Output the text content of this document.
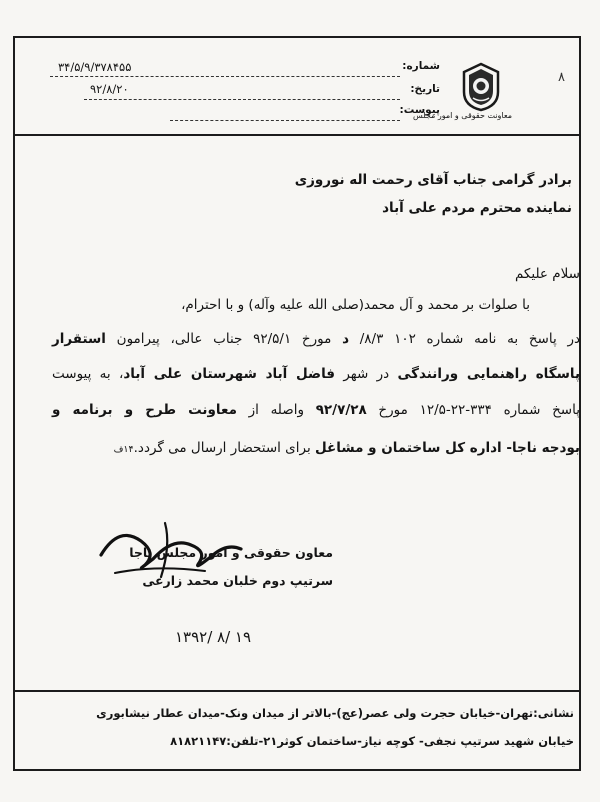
۸
معاونت حقوقی و امور مجلس
شماره:
۳۴/۵/۹/۳۷۸۴۵۵
تاریخ:
۹۲/۸/۲۰
پیوست:
برادر گرامی جناب آقای رحمت اله نوروزی
نماینده محترم مردم علی آباد
سلام علیکم
با صلوات بر محمد و آل محمد(صلی الله علیه وآله) و با احترام،
در پاسخ به نامه شماره ۱۰۲ ۸/۳/ د مورخ ۹۲/۵/۱ جناب عالی، پیرامون استقرار
پاسگاه راهنمایی ورانندگی در شهر فاضل آباد شهرستان علی آباد، به پیوست
پاسخ شماره ۳۳۴-۲۲-۱۲/۵ مورخ ۹۲/۷/۲۸ واصله از معاونت طرح و برنامه و
بودجه ناجا- اداره کل ساختمان و مشاغل برای استحضار ارسال می گردد.۱۴ف
معاون حقوقی و امور مجلس ناجا
سرتیپ دوم خلبان محمد زارعی
۱۳۹۲/ ۸/ ۱۹
نشانی:تهران-خیابان حجرت ولی عصر(عج)-بالاتر از میدان ونک-میدان عطار نیشابوری
خیابان شهید سرتیپ نجفی- کوچه نیاز-ساختمان کوثر۲۱-تلفن:۸۱۸۲۱۱۴۷
